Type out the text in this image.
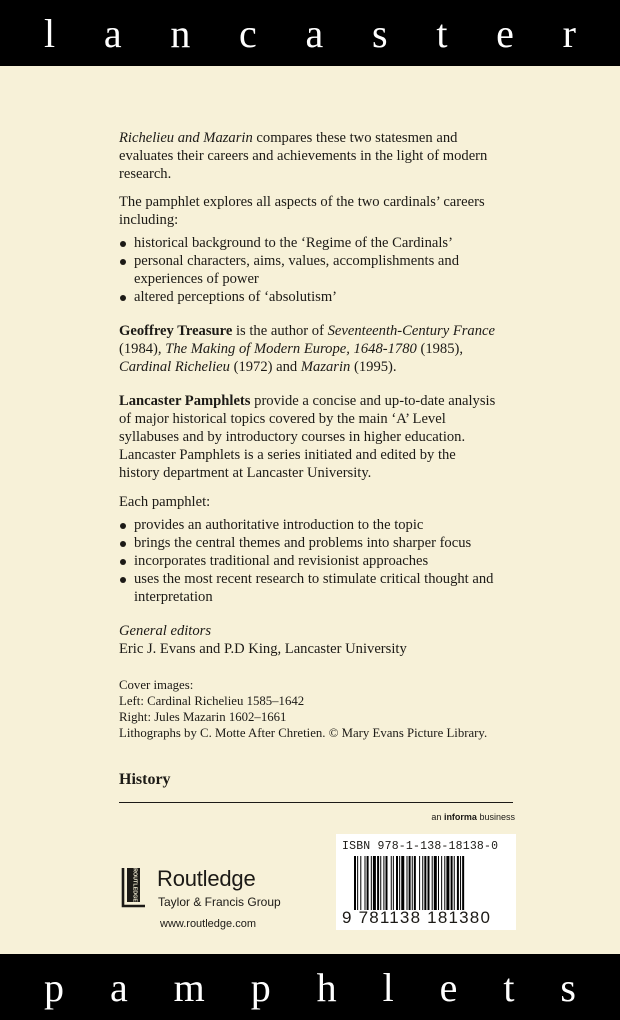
l a n c a s t e r
Richelieu and Mazarin compares these two statesmen and evaluates their careers and achievements in the light of modern research.
The pamphlet explores all aspects of the two cardinals’ careers including:
historical background to the ‘Regime of the Cardinals’
personal characters, aims, values, accomplishments and experiences of power
altered perceptions of ‘absolutism’
Geoffrey Treasure is the author of Seventeenth-Century France (1984), The Making of Modern Europe, 1648-1780 (1985), Cardinal Richelieu (1972) and Mazarin (1995).
Lancaster Pamphlets provide a concise and up-to-date analysis of major historical topics covered by the main ‘A’ Level syllabuses and by introductory courses in higher education. Lancaster Pamphlets is a series initiated and edited by the history department at Lancaster University.
Each pamphlet:
provides an authoritative introduction to the topic
brings the central themes and problems into sharper focus
incorporates traditional and revisionist approaches
uses the most recent research to stimulate critical thought and interpretation
General editors
Eric J. Evans and P.D King, Lancaster University
Cover images:
Left: Cardinal Richelieu 1585–1642
Right: Jules Mazarin 1602–1661
Lithographs by C. Motte After Chretien. © Mary Evans Picture Library.
History
an informa business
ROUTLEDGE Routledge
Taylor & Francis Group
www.routledge.com
ISBN 978-1-138-18138-0
9 781138 181380
p a m p h l e t s
